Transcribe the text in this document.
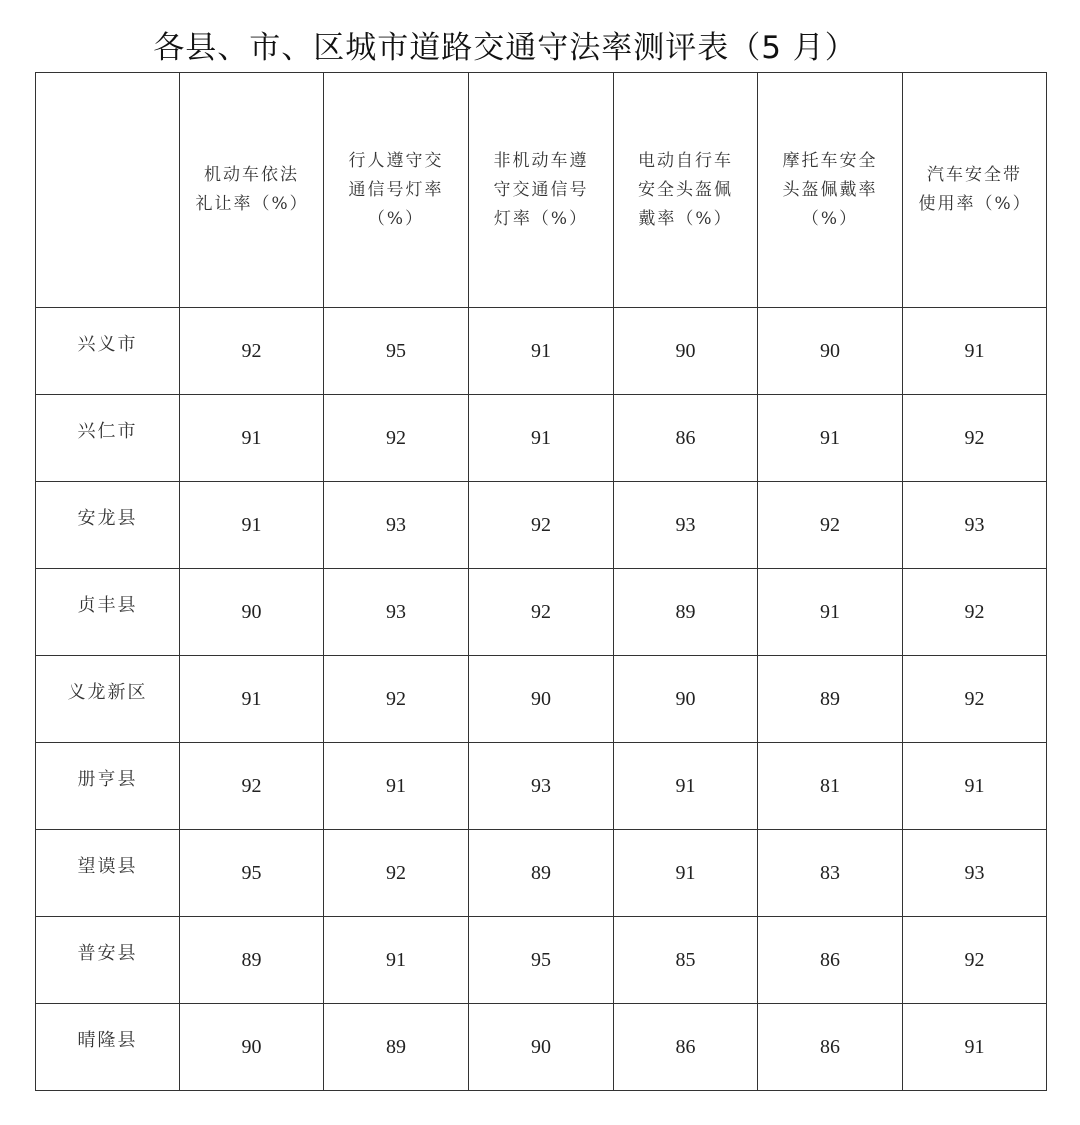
各县、市、区城市道路交通守法率测评表（5 月）

	机动车依法礼让率（%）	行人遵守交通信号灯率（%）	非机动车遵守交通信号灯率（%）	电动自行车安全头盔佩戴率（%）	摩托车安全头盔佩戴率（%）	汽车安全带使用率（%）

兴义市	92	95	91	90	90	91
兴仁市	91	92	91	86	91	92
安龙县	91	93	92	93	92	93
贞丰县	90	93	92	89	91	92
义龙新区	91	92	90	90	89	92
册亨县	92	91	93	91	81	91
望谟县	95	92	89	91	83	93
普安县	89	91	95	85	86	92
晴隆县	90	89	90	86	86	91
